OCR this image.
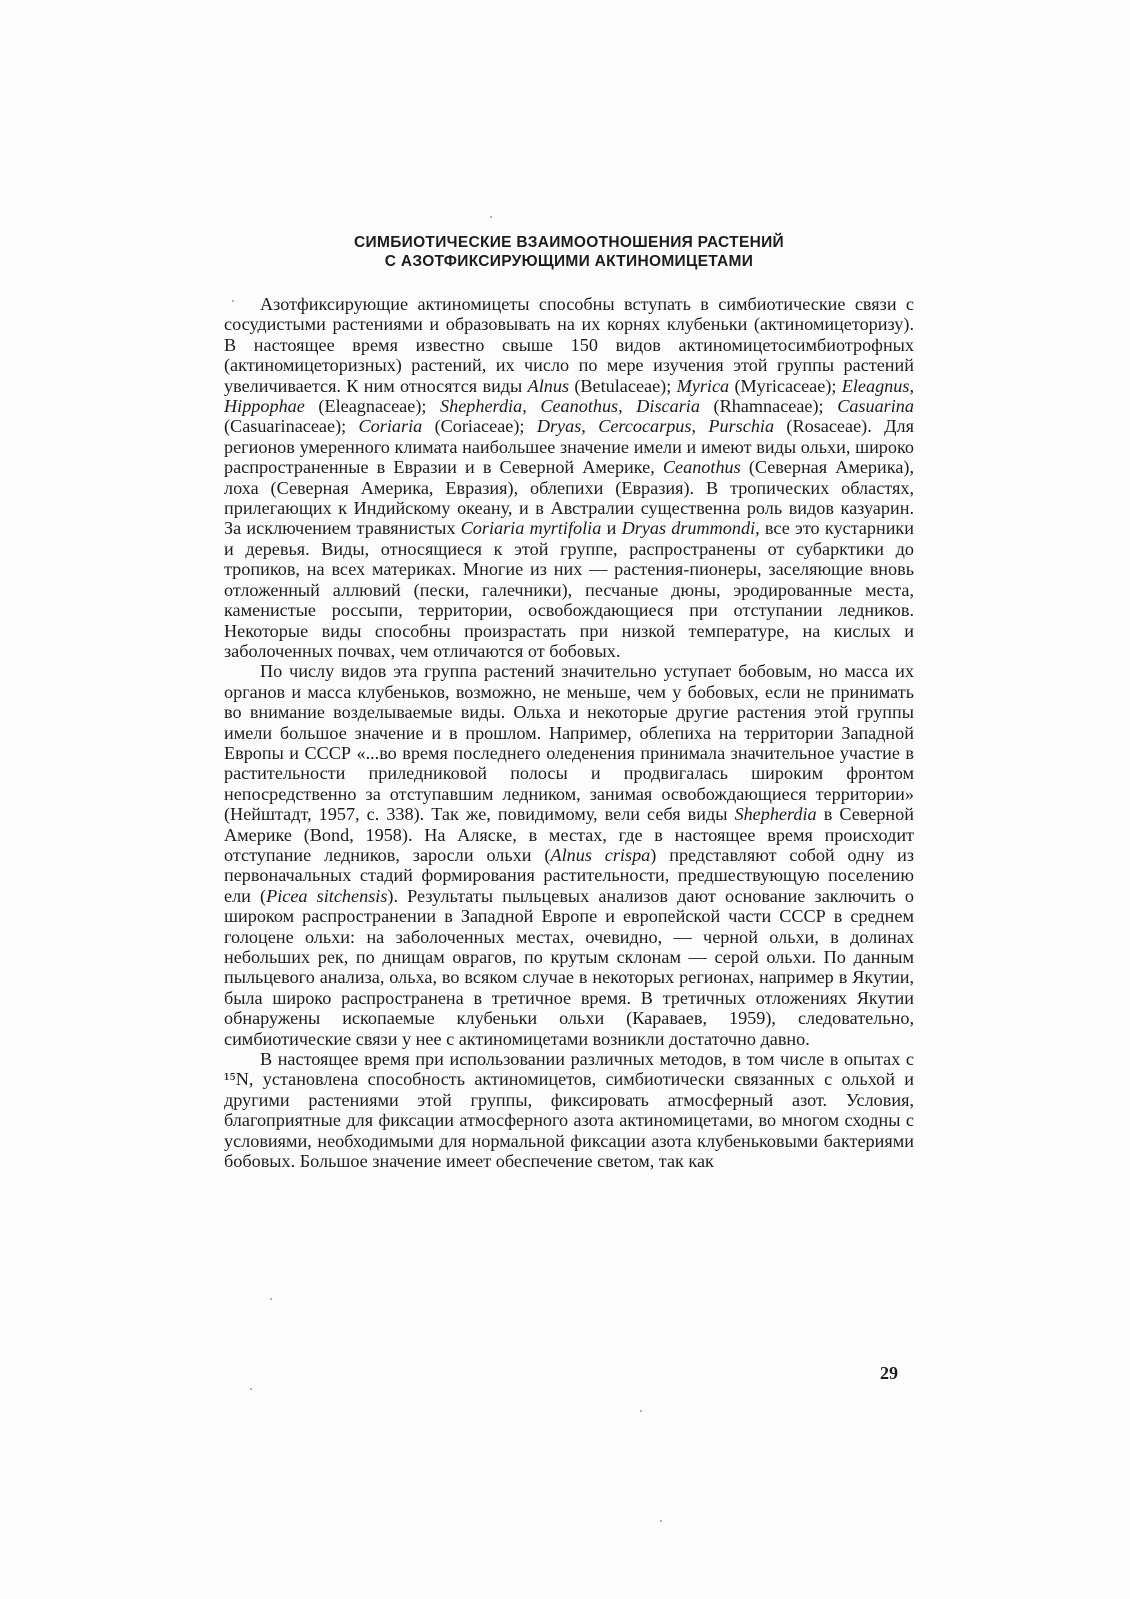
СИМБИОТИЧЕСКИЕ ВЗАИМООТНОШЕНИЯ РАСТЕНИЙ
С АЗОТФИКСИРУЮЩИМИ АКТИНОМИЦЕТАМИ

Азотфиксирующие актиномицеты способны вступать в симбиотические связи с сосудистыми растениями и образовывать на их корнях клубеньки (актиномицеторизу). В настоящее время известно свыше 150 видов актиномицетосимбиотрофных (актиномицеторизных) растений, их число по мере изучения этой группы растений увеличивается. К ним относятся виды Alnus (Betulaceae); Myrica (Myricaceae); Eleagnus, Hippophae (Eleagnaceae); Shepherdia, Ceanothus, Discaria (Rhamnaceae); Casuarina (Casuarinaceae); Coriaria (Coriaceae); Dryas, Cercocarpus, Purschia (Rosaceae). Для регионов умеренного климата наибольшее значение имели и имеют виды ольхи, широко распространенные в Евразии и в Северной Америке, Ceanothus (Северная Америка), лоха (Северная Америка, Евразия), облепихи (Евразия). В тропических областях, прилегающих к Индийскому океану, и в Австралии существенна роль видов казуарин. За исключением травянистых Coriaria myrtifolia и Dryas drummondi, все это кустарники и деревья. Виды, относящиеся к этой группе, распространены от субарктики до тропиков, на всех материках. Многие из них — растения-пионеры, заселяющие вновь отложенный аллювий (пески, галечники), песчаные дюны, эродированные места, каменистые россыпи, территории, освобождающиеся при отступании ледников. Некоторые виды способны произрастать при низкой температуре, на кислых и заболоченных почвах, чем отличаются от бобовых.

По числу видов эта группа растений значительно уступает бобовым, но масса их органов и масса клубеньков, возможно, не меньше, чем у бобовых, если не принимать во внимание возделываемые виды. Ольха и некоторые другие растения этой группы имели большое значение и в прошлом. Например, облепиха на территории Западной Европы и СССР «...во время последнего оледенения принимала значительное участие в растительности приледниковой полосы и продвигалась широким фронтом непосредственно за отступавшим ледником, занимая освобождающиеся территории» (Нейштадт, 1957, с. 338). Так же, повидимому, вели себя виды Shepherdia в Северной Америке (Bond, 1958). На Аляске, в местах, где в настоящее время происходит отступание ледников, заросли ольхи (Alnus crispa) представляют собой одну из первоначальных стадий формирования растительности, предшествующую поселению ели (Picea sitchensis). Результаты пыльцевых анализов дают основание заключить о широком распространении в Западной Европе и европейской части СССР в среднем голоцене ольхи: на заболоченных местах, очевидно, — черной ольхи, в долинах небольших рек, по днищам оврагов, по крутым склонам — серой ольхи. По данным пыльцевого анализа, ольха, во всяком случае в некоторых регионах, например в Якутии, была широко распространена в третичное время. В третичных отложениях Якутии обнаружены ископаемые клубеньки ольхи (Караваев, 1959), следовательно, симбиотические связи у нее с актиномицетами возникли достаточно давно.

В настоящее время при использовании различных методов, в том числе в опытах с ¹⁵N, установлена способность актиномицетов, симбиотически связанных с ольхой и другими растениями этой группы, фиксировать атмосферный азот. Условия, благоприятные для фиксации атмосферного азота актиномицетами, во многом сходны с условиями, необходимыми для нормальной фиксации азота клубеньковыми бактериями бобовых. Большое значение имеет обеспечение светом, так как

29
